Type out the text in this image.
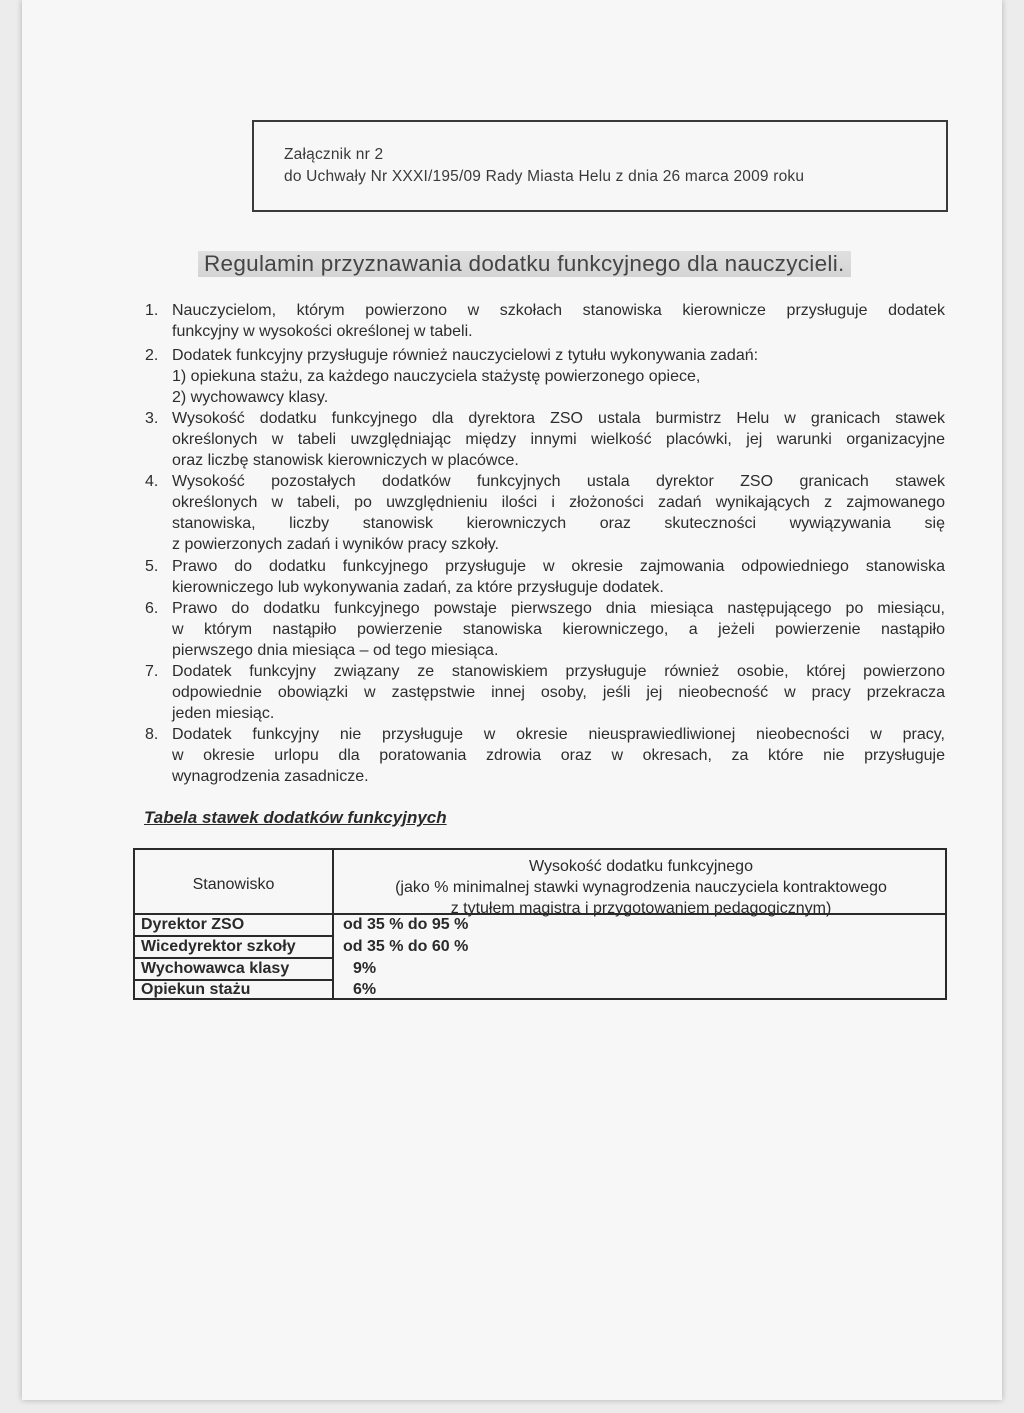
Załącznik nr 2
do Uchwały Nr XXXI/195/09 Rady Miasta Helu z dnia 26 marca 2009 roku
Regulamin przyznawania dodatku funkcyjnego dla nauczycieli.
1. Nauczycielom, którym powierzono w szkołach stanowiska kierownicze przysługuje dodatek
funkcyjny w wysokości określonej w tabeli.
2. Dodatek funkcyjny przysługuje również nauczycielowi z tytułu wykonywania zadań:
1) opiekuna stażu, za każdego nauczyciela stażystę powierzonego opiece,
2) wychowawcy klasy.
3. Wysokość dodatku funkcyjnego dla dyrektora ZSO ustala burmistrz Helu w granicach stawek
określonych w tabeli uwzględniając między innymi wielkość placówki, jej warunki organizacyjne
oraz liczbę stanowisk kierowniczych w placówce.
4. Wysokość pozostałych dodatków funkcyjnych ustala dyrektor ZSO granicach stawek
określonych w tabeli, po uwzględnieniu ilości i złożoności zadań wynikających z zajmowanego
stanowiska, liczby stanowisk kierowniczych oraz skuteczności wywiązywania się
z powierzonych zadań i wyników pracy szkoły.
5. Prawo do dodatku funkcyjnego przysługuje w okresie zajmowania odpowiedniego stanowiska
kierowniczego lub wykonywania zadań, za które przysługuje dodatek.
6. Prawo do dodatku funkcyjnego powstaje pierwszego dnia miesiąca następującego po miesiącu,
w którym nastąpiło powierzenie stanowiska kierowniczego, a jeżeli powierzenie nastąpiło
pierwszego dnia miesiąca – od tego miesiąca.
7. Dodatek funkcyjny związany ze stanowiskiem przysługuje również osobie, której powierzono
odpowiednie obowiązki w zastępstwie innej osoby, jeśli jej nieobecność w pracy przekracza
jeden miesiąc.
8. Dodatek funkcyjny nie przysługuje w okresie nieusprawiedliwionej nieobecności w pracy,
w okresie urlopu dla poratowania zdrowia oraz w okresach, za które nie przysługuje
wynagrodzenia zasadnicze.
Tabela stawek dodatków funkcyjnych
Stanowisko
Wysokość dodatku funkcyjnego
(jako % minimalnej stawki wynagrodzenia nauczyciela kontraktowego
z tytułem magistra i przygotowaniem pedagogicznym)
Dyrektor ZSO	od 35 % do 95 %
Wicedyrektor szkoły	od 35 % do 60 %
Wychowawca klasy	9%
Opiekun stażu	6%
